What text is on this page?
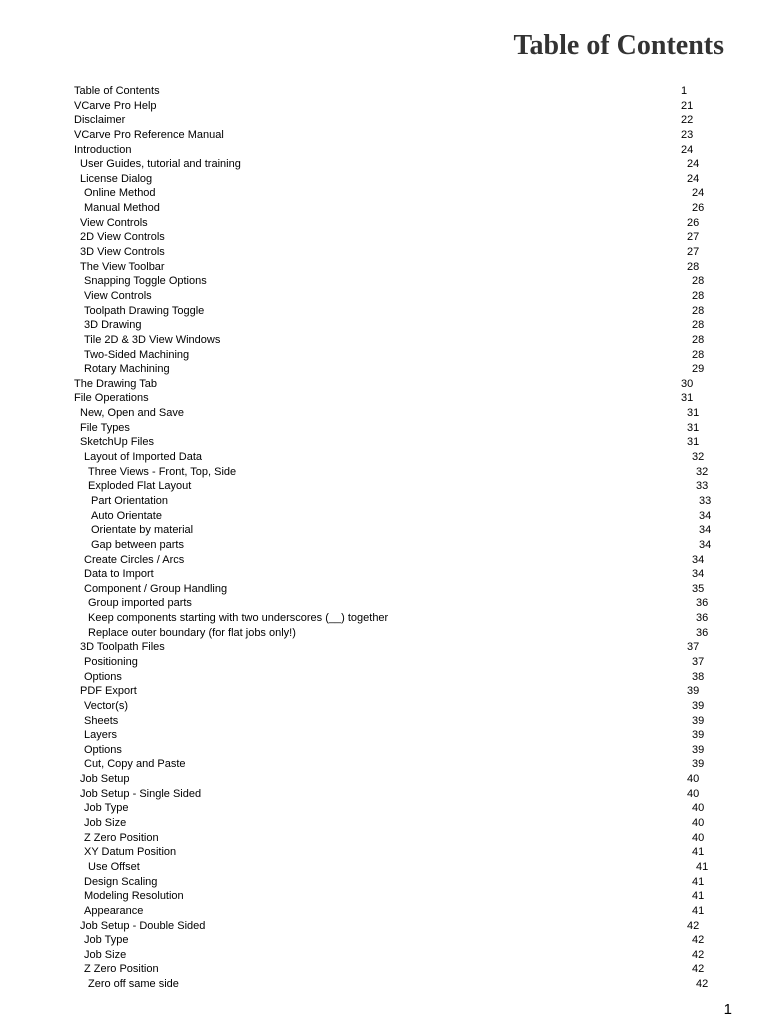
Table of Contents
Table of Contents	1
VCarve Pro Help	21
Disclaimer	22
VCarve Pro Reference Manual	23
Introduction	24
User Guides, tutorial and training	24
License Dialog	24
Online Method	24
Manual Method	26
View Controls	26
2D View Controls	27
3D View Controls	27
The View Toolbar	28
Snapping Toggle Options	28
View Controls	28
Toolpath Drawing Toggle	28
3D Drawing	28
Tile 2D & 3D View Windows	28
Two-Sided Machining	28
Rotary Machining	29
The Drawing Tab	30
File Operations	31
New, Open and Save	31
File Types	31
SketchUp Files	31
Layout of Imported Data	32
Three Views - Front, Top, Side	32
Exploded Flat Layout	33
Part Orientation	33
Auto Orientate	34
Orientate by material	34
Gap between parts	34
Create Circles / Arcs	34
Data to Import	34
Component / Group Handling	35
Group imported parts	36
Keep components starting with two underscores (__) together	36
Replace outer boundary (for flat jobs only!)	36
3D Toolpath Files	37
Positioning	37
Options	38
PDF Export	39
Vector(s)	39
Sheets	39
Layers	39
Options	39
Cut, Copy and Paste	39
Job Setup	40
Job Setup - Single Sided	40
Job Type	40
Job Size	40
Z Zero Position	40
XY Datum Position	41
Use Offset	41
Design Scaling	41
Modeling Resolution	41
Appearance	41
Job Setup - Double Sided	42
Job Type	42
Job Size	42
Z Zero Position	42
Zero off same side	42

1
